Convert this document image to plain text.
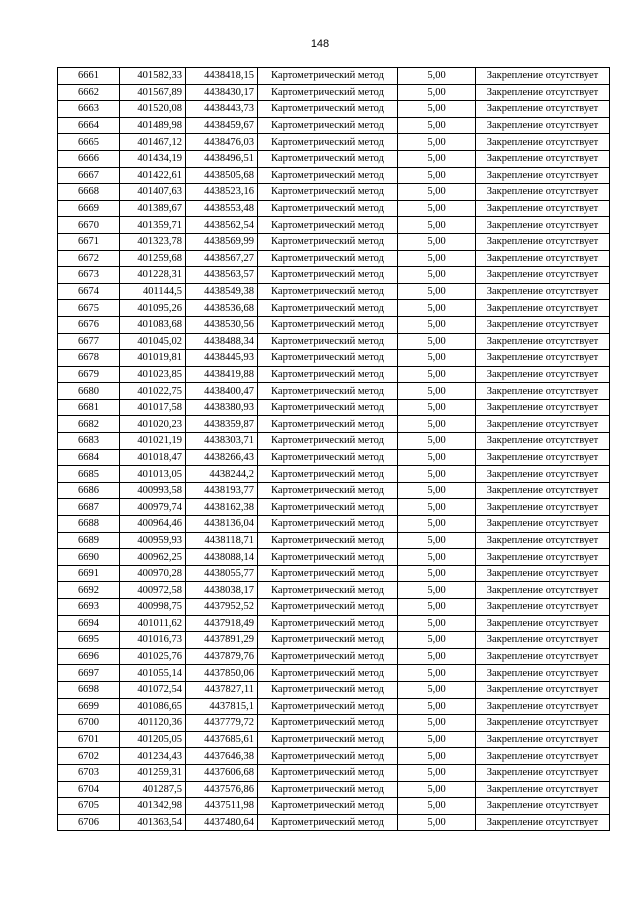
148
6661	401582,33	4438418,15	Картометрический метод	5,00	Закрепление отсутствует
6662	401567,89	4438430,17	Картометрический метод	5,00	Закрепление отсутствует
6663	401520,08	4438443,73	Картометрический метод	5,00	Закрепление отсутствует
6664	401489,98	4438459,67	Картометрический метод	5,00	Закрепление отсутствует
6665	401467,12	4438476,03	Картометрический метод	5,00	Закрепление отсутствует
6666	401434,19	4438496,51	Картометрический метод	5,00	Закрепление отсутствует
6667	401422,61	4438505,68	Картометрический метод	5,00	Закрепление отсутствует
6668	401407,63	4438523,16	Картометрический метод	5,00	Закрепление отсутствует
6669	401389,67	4438553,48	Картометрический метод	5,00	Закрепление отсутствует
6670	401359,71	4438562,54	Картометрический метод	5,00	Закрепление отсутствует
6671	401323,78	4438569,99	Картометрический метод	5,00	Закрепление отсутствует
6672	401259,68	4438567,27	Картометрический метод	5,00	Закрепление отсутствует
6673	401228,31	4438563,57	Картометрический метод	5,00	Закрепление отсутствует
6674	401144,5	4438549,38	Картометрический метод	5,00	Закрепление отсутствует
6675	401095,26	4438536,68	Картометрический метод	5,00	Закрепление отсутствует
6676	401083,68	4438530,56	Картометрический метод	5,00	Закрепление отсутствует
6677	401045,02	4438488,34	Картометрический метод	5,00	Закрепление отсутствует
6678	401019,81	4438445,93	Картометрический метод	5,00	Закрепление отсутствует
6679	401023,85	4438419,88	Картометрический метод	5,00	Закрепление отсутствует
6680	401022,75	4438400,47	Картометрический метод	5,00	Закрепление отсутствует
6681	401017,58	4438380,93	Картометрический метод	5,00	Закрепление отсутствует
6682	401020,23	4438359,87	Картометрический метод	5,00	Закрепление отсутствует
6683	401021,19	4438303,71	Картометрический метод	5,00	Закрепление отсутствует
6684	401018,47	4438266,43	Картометрический метод	5,00	Закрепление отсутствует
6685	401013,05	4438244,2	Картометрический метод	5,00	Закрепление отсутствует
6686	400993,58	4438193,77	Картометрический метод	5,00	Закрепление отсутствует
6687	400979,74	4438162,38	Картометрический метод	5,00	Закрепление отсутствует
6688	400964,46	4438136,04	Картометрический метод	5,00	Закрепление отсутствует
6689	400959,93	4438118,71	Картометрический метод	5,00	Закрепление отсутствует
6690	400962,25	4438088,14	Картометрический метод	5,00	Закрепление отсутствует
6691	400970,28	4438055,77	Картометрический метод	5,00	Закрепление отсутствует
6692	400972,58	4438038,17	Картометрический метод	5,00	Закрепление отсутствует
6693	400998,75	4437952,52	Картометрический метод	5,00	Закрепление отсутствует
6694	401011,62	4437918,49	Картометрический метод	5,00	Закрепление отсутствует
6695	401016,73	4437891,29	Картометрический метод	5,00	Закрепление отсутствует
6696	401025,76	4437879,76	Картометрический метод	5,00	Закрепление отсутствует
6697	401055,14	4437850,06	Картометрический метод	5,00	Закрепление отсутствует
6698	401072,54	4437827,11	Картометрический метод	5,00	Закрепление отсутствует
6699	401086,65	4437815,1	Картометрический метод	5,00	Закрепление отсутствует
6700	401120,36	4437779,72	Картометрический метод	5,00	Закрепление отсутствует
6701	401205,05	4437685,61	Картометрический метод	5,00	Закрепление отсутствует
6702	401234,43	4437646,38	Картометрический метод	5,00	Закрепление отсутствует
6703	401259,31	4437606,68	Картометрический метод	5,00	Закрепление отсутствует
6704	401287,5	4437576,86	Картометрический метод	5,00	Закрепление отсутствует
6705	401342,98	4437511,98	Картометрический метод	5,00	Закрепление отсутствует
6706	401363,54	4437480,64	Картометрический метод	5,00	Закрепление отсутствует
